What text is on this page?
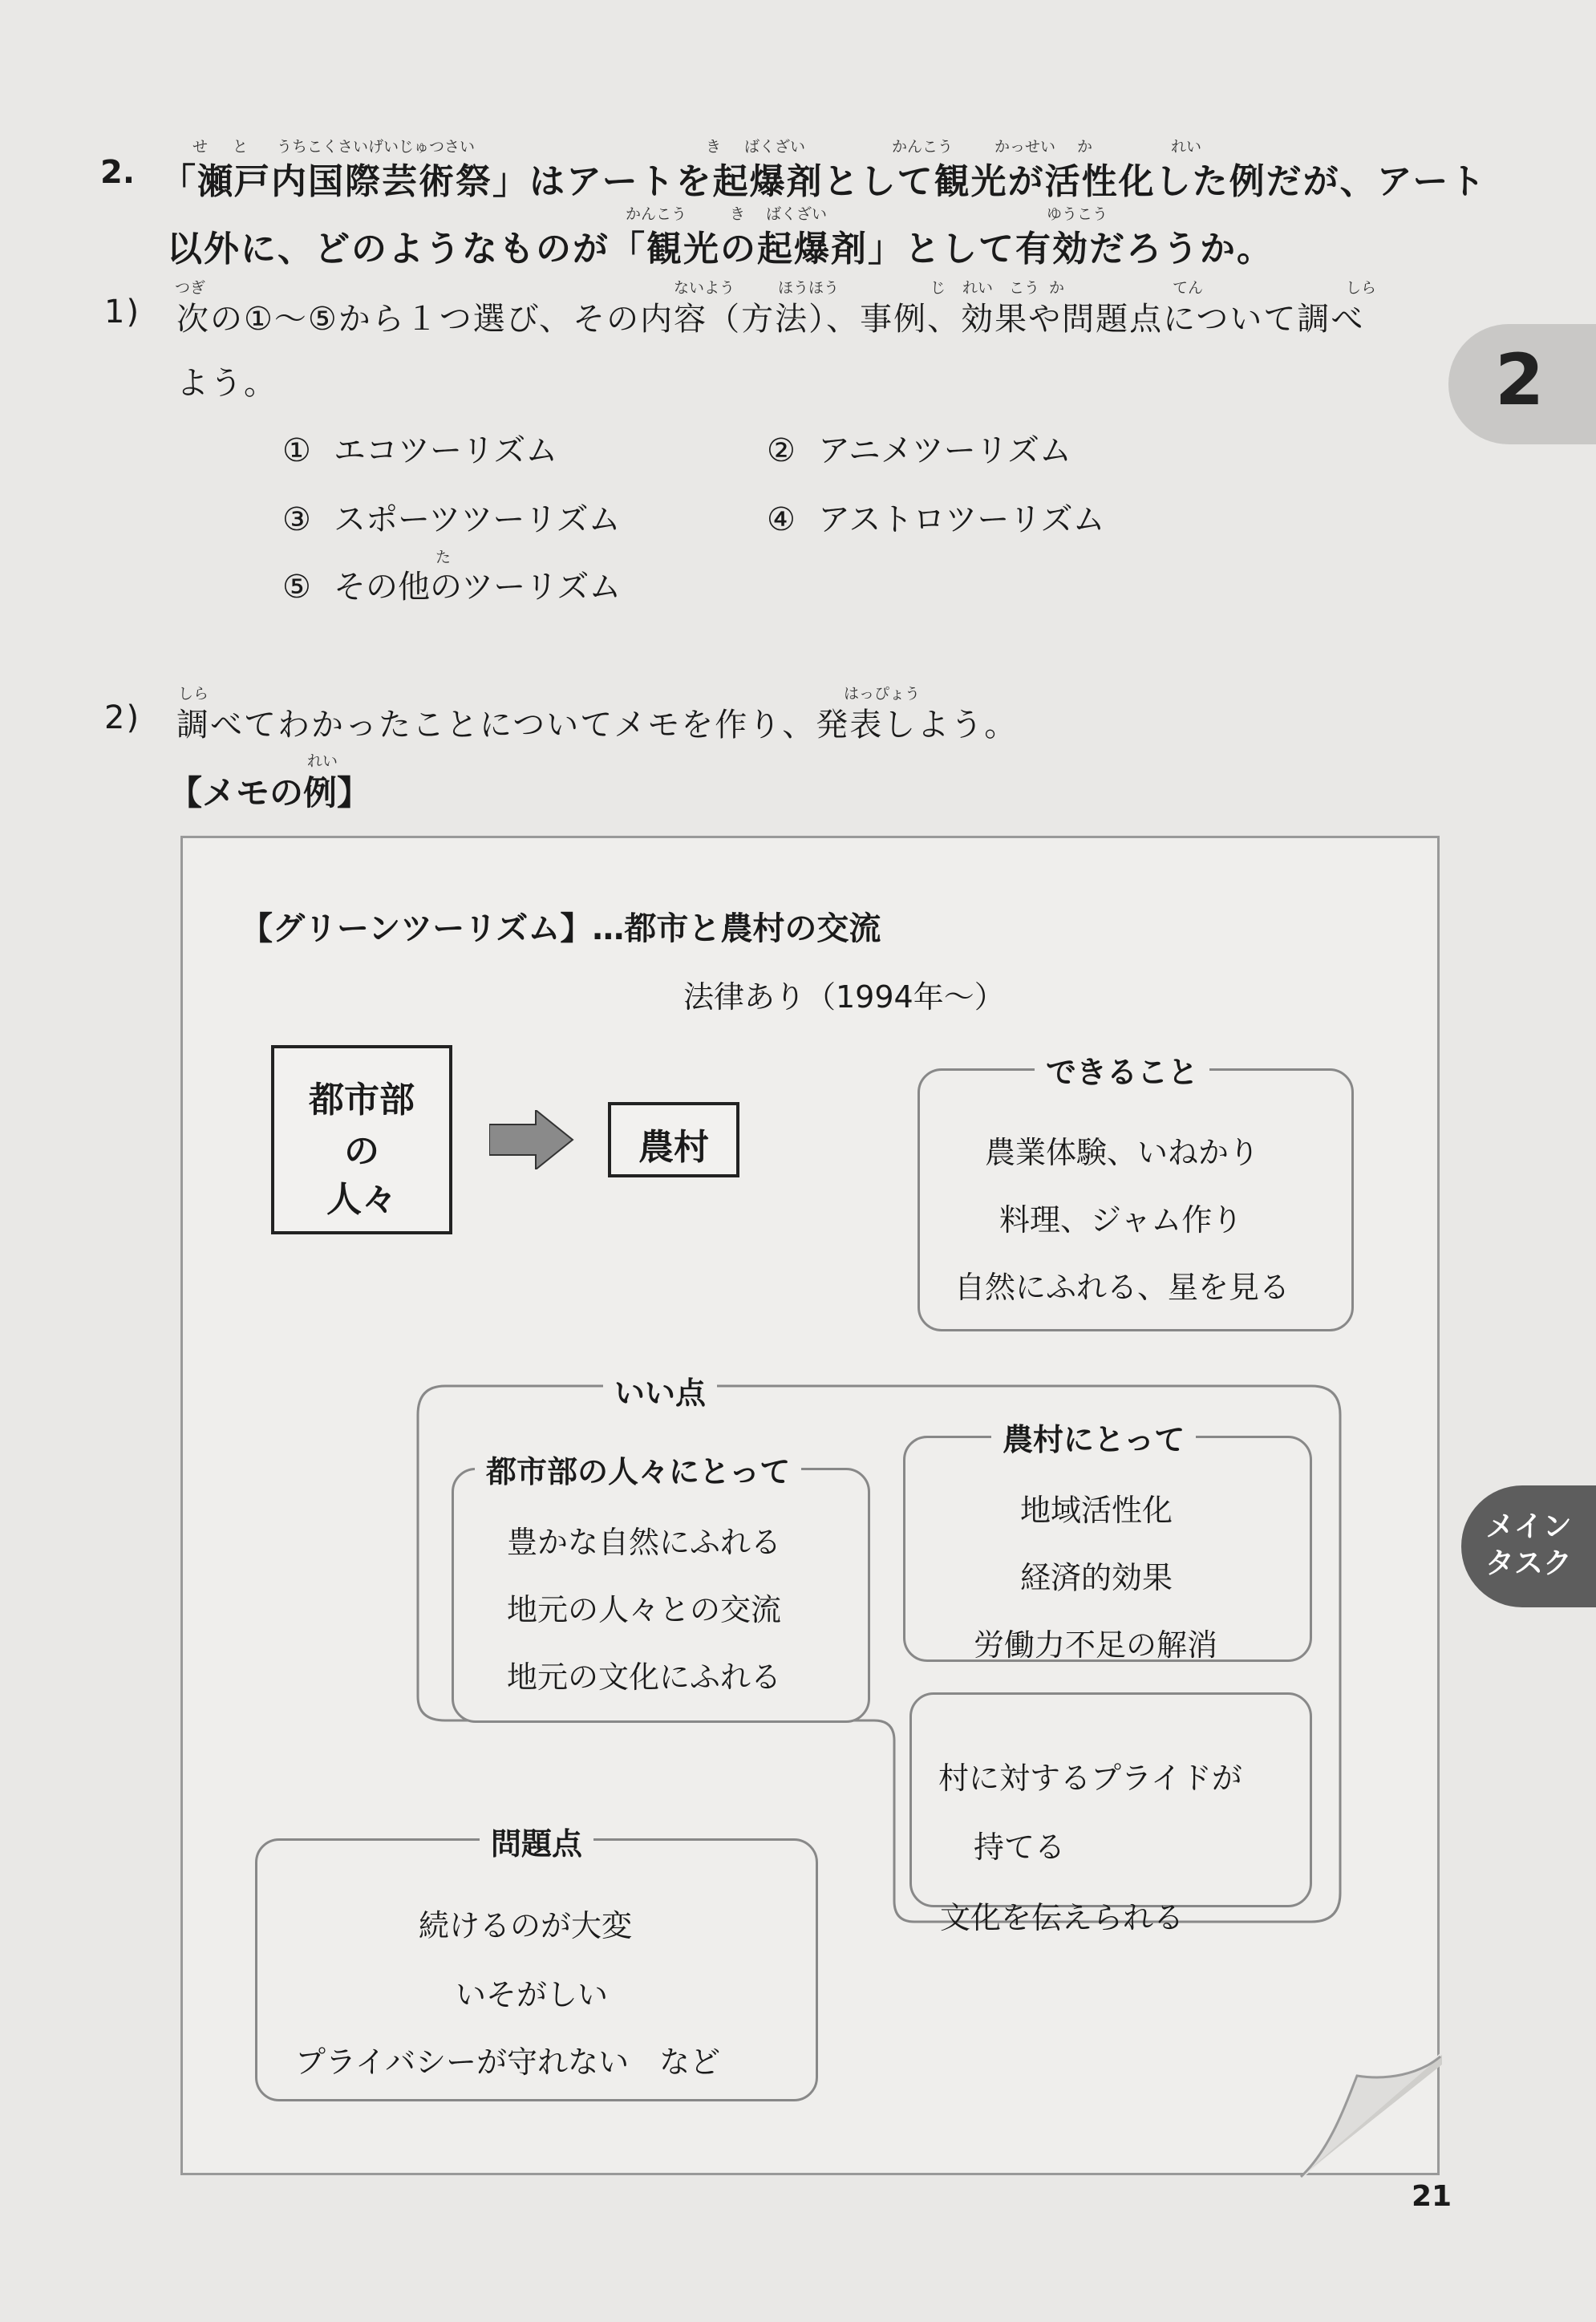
2.
せ と うちこくさいげいじゅつさい	き ばくざい	かんこう	かっせい か	れい
「瀬戸内国際芸術祭」はアートを起爆剤として観光が活性化した例だが、アート
かんこう	き ばくざい	ゆうこう
以外に、どのようなものが「観光の起爆剤」として有効だろうか。
1)
つぎ	ないよう	ほうほう	じ れい こう か	てん	しら
次の①～⑤から１つ選び、その内容（方法）、事例、効果や問題点について調べ
よう。
① エコツーリズム	② アニメツーリズム
③ スポーツツーリズム	④ アストロツーリズム
た
⑤ その他のツーリズム
2)
しら	はっぴょう
調べてわかったことについてメモを作り、発表しよう。
れい
【メモの例】
【グリーンツーリズム】…都市と農村の交流
法律あり（1994年～）
都市部
の
人々
農村
できること
農業体験、いねかり
料理、ジャム作り
自然にふれる、星を見る
いい点
都市部の人々にとって
豊かな自然にふれる
地元の人々との交流
地元の文化にふれる
農村にとって
地域活性化
経済的効果
労働力不足の解消
村に対するプライドが
持てる
文化を伝えられる
問題点
続けるのが大変
いそがしい
プライバシーが守れない　など
2
メイン
タスク
21
